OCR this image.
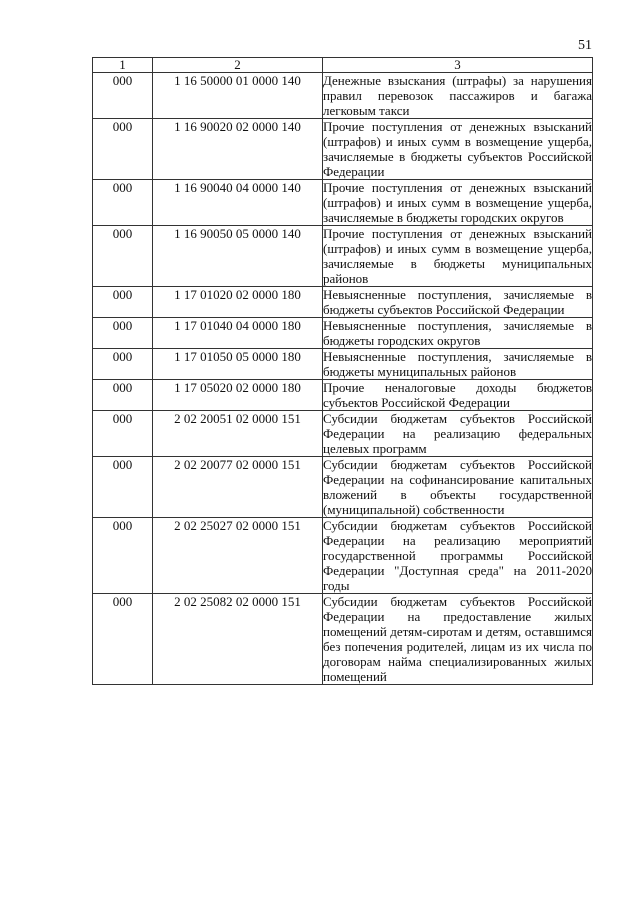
51
1	2	3
000	1 16 50000 01 0000 140	Денежные взыскания (штрафы) за нарушения правил перевозок пассажиров и багажа легковым такси
000	1 16 90020 02 0000 140	Прочие поступления от денежных взысканий (штрафов) и иных сумм в возмещение ущерба, зачисляемые в бюджеты субъектов Российской Федерации
000	1 16 90040 04 0000 140	Прочие поступления от денежных взысканий (штрафов) и иных сумм в возмещение ущерба, зачисляемые в бюджеты городских округов
000	1 16 90050 05 0000 140	Прочие поступления от денежных взысканий (штрафов) и иных сумм в возмещение ущерба, зачисляемые в бюджеты муниципальных районов
000	1 17 01020 02 0000 180	Невыясненные поступления, зачисляемые в бюджеты субъектов Российской Федерации
000	1 17 01040 04 0000 180	Невыясненные поступления, зачисляемые в бюджеты городских округов
000	1 17 01050 05 0000 180	Невыясненные поступления, зачисляемые в бюджеты муниципальных районов
000	1 17 05020 02 0000 180	Прочие неналоговые доходы бюджетов субъектов Российской Федерации
000	2 02 20051 02 0000 151	Субсидии бюджетам субъектов Российской Федерации на реализацию федеральных целевых программ
000	2 02 20077 02 0000 151	Субсидии бюджетам субъектов Российской Федерации на софинансирование капитальных вложений в объекты государственной (муниципальной) собственности
000	2 02 25027 02 0000 151	Субсидии бюджетам субъектов Российской Федерации на реализацию мероприятий государственной программы Российской Федерации "Доступная среда" на 2011-2020 годы
000	2 02 25082 02 0000 151	Субсидии бюджетам субъектов Российской Федерации на предоставление жилых помещений детям-сиротам и детям, оставшимся без попечения родителей, лицам из их числа по договорам найма специализированных жилых помещений
